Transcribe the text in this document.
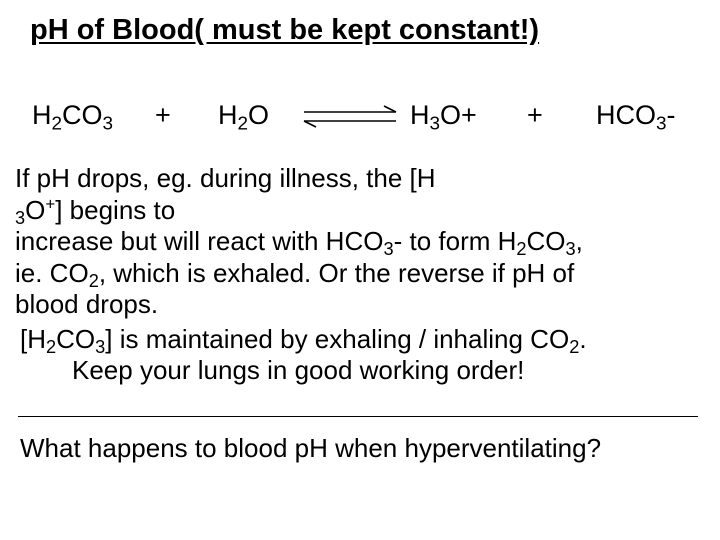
pH of Blood( must be kept constant!)
$H_2CO_3 + H_2O$	$H_3O+ + HCO_3-$
If pH drops, eg. during illness, the [H
$_3$O+] begins to
increase but will react with $HCO_3-$ to form $H_2CO_3$,
ie. $CO_2$, which is exhaled. Or the reverse if pH of
blood drops.
$[H_2CO_3]$ is maintained by exhaling / inhaling $CO_2$.
Keep your lungs in good working order!
What happens to blood pH when hyperventilating?
